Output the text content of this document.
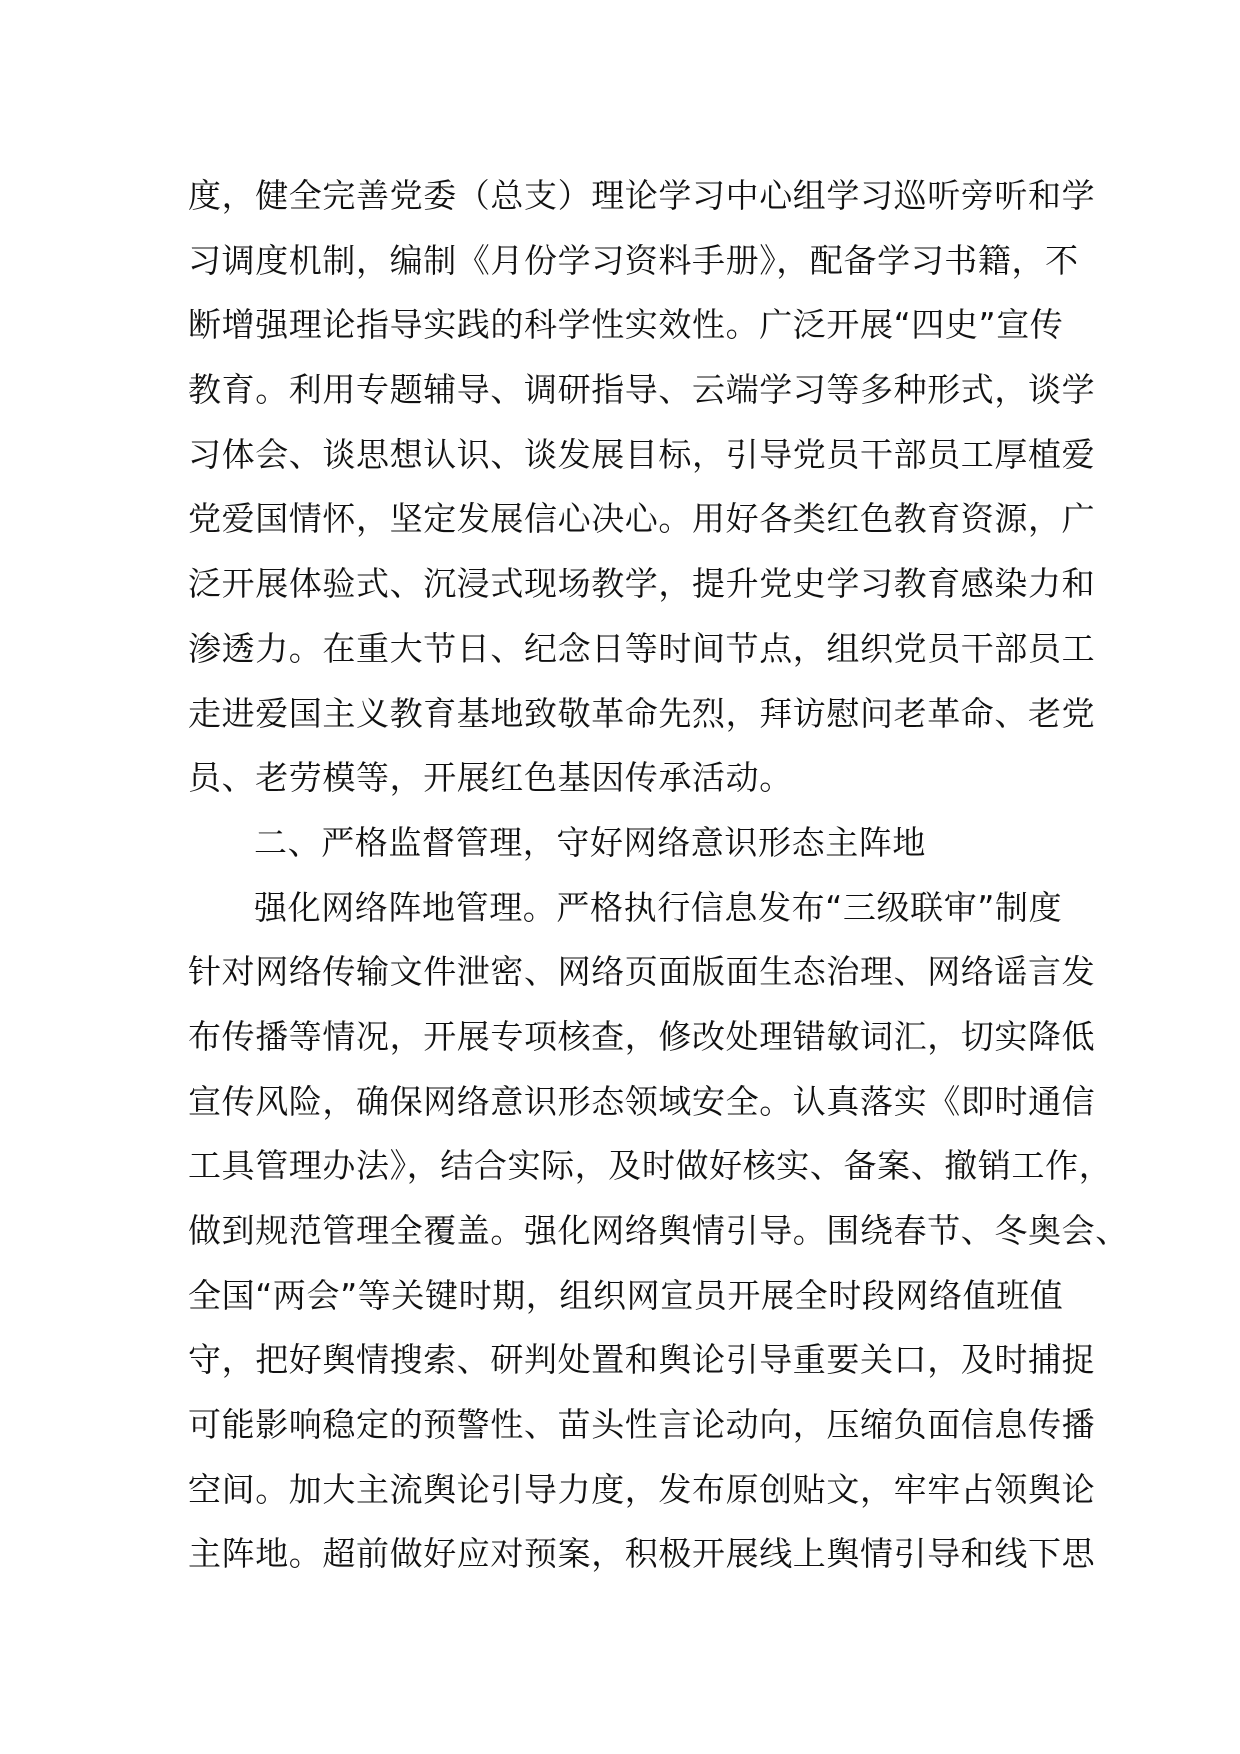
度，健全完善党委（总支）理论学习中心组学习巡听旁听和学
习调度机制，编制《月份学习资料手册》，配备学习书籍，不
断增强理论指导实践的科学性实效性。广泛开展“四史”宣传
教育。利用专题辅导、调研指导、云端学习等多种形式，谈学
习体会、谈思想认识、谈发展目标，引导党员干部员工厚植爱
党爱国情怀，坚定发展信心决心。用好各类红色教育资源，广
泛开展体验式、沉浸式现场教学，提升党史学习教育感染力和
渗透力。在重大节日、纪念日等时间节点，组织党员干部员工
走进爱国主义教育基地致敬革命先烈，拜访慰问老革命、老党
员、老劳模等，开展红色基因传承活动。
二、严格监督管理，守好网络意识形态主阵地
强化网络阵地管理。严格执行信息发布“三级联审”制度
针对网络传输文件泄密、网络页面版面生态治理、网络谣言发
布传播等情况，开展专项核查，修改处理错敏词汇，切实降低
宣传风险，确保网络意识形态领域安全。认真落实《即时通信
工具管理办法》，结合实际，及时做好核实、备案、撤销工作，
做到规范管理全覆盖。强化网络舆情引导。围绕春节、冬奥会、
全国“两会”等关键时期，组织网宣员开展全时段网络值班值
守，把好舆情搜索、研判处置和舆论引导重要关口，及时捕捉
可能影响稳定的预警性、苗头性言论动向，压缩负面信息传播
空间。加大主流舆论引导力度，发布原创贴文，牢牢占领舆论
主阵地。超前做好应对预案，积极开展线上舆情引导和线下思
